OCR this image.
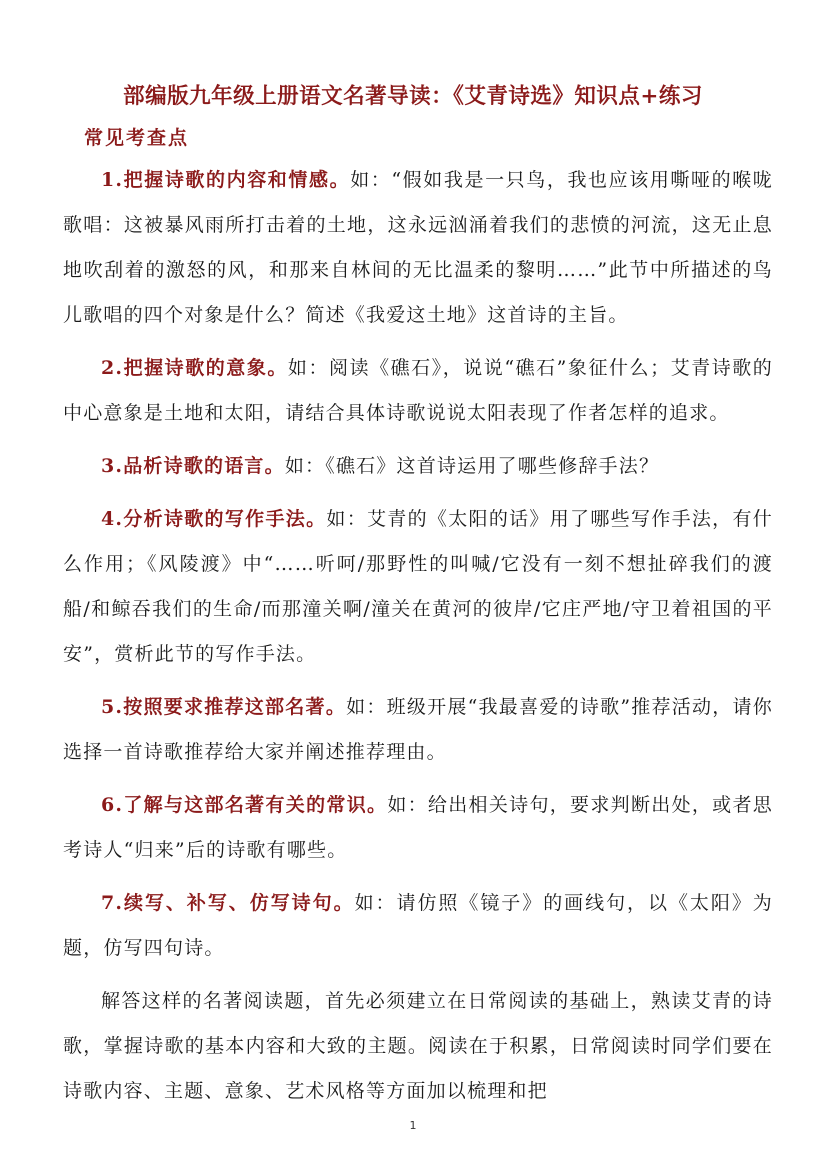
部编版九年级上册语文名著导读：《艾青诗选》知识点+练习
常见考查点

1.把握诗歌的内容和情感。如：“假如我是一只鸟，我也应该用嘶哑的喉咙歌唱：这被暴风雨所打击着的土地，这永远汹涌着我们的悲愤的河流，这无止息地吹刮着的激怒的风，和那来自林间的无比温柔的黎明……”此节中所描述的鸟儿歌唱的四个对象是什么？简述《我爱这土地》这首诗的主旨。

2.把握诗歌的意象。如：阅读《礁石》，说说“礁石”象征什么；艾青诗歌的中心意象是土地和太阳，请结合具体诗歌说说太阳表现了作者怎样的追求。

3.品析诗歌的语言。如：《礁石》这首诗运用了哪些修辞手法？

4.分析诗歌的写作手法。如：艾青的《太阳的话》用了哪些写作手法，有什么作用；《风陵渡》中“……听呵/那野性的叫喊/它没有一刻不想扯碎我们的渡船/和鲸吞我们的生命/而那潼关啊/潼关在黄河的彼岸/它庄严地/守卫着祖国的平安”，赏析此节的写作手法。

5.按照要求推荐这部名著。如：班级开展“我最喜爱的诗歌”推荐活动，请你选择一首诗歌推荐给大家并阐述推荐理由。

6.了解与这部名著有关的常识。如：给出相关诗句，要求判断出处，或者思考诗人“归来”后的诗歌有哪些。

7.续写、补写、仿写诗句。如：请仿照《镜子》的画线句，以《太阳》为题，仿写四句诗。

解答这样的名著阅读题，首先必须建立在日常阅读的基础上，熟读艾青的诗歌，掌握诗歌的基本内容和大致的主题。阅读在于积累，日常阅读时同学们要在诗歌内容、主题、意象、艺术风格等方面加以梳理和把

1
